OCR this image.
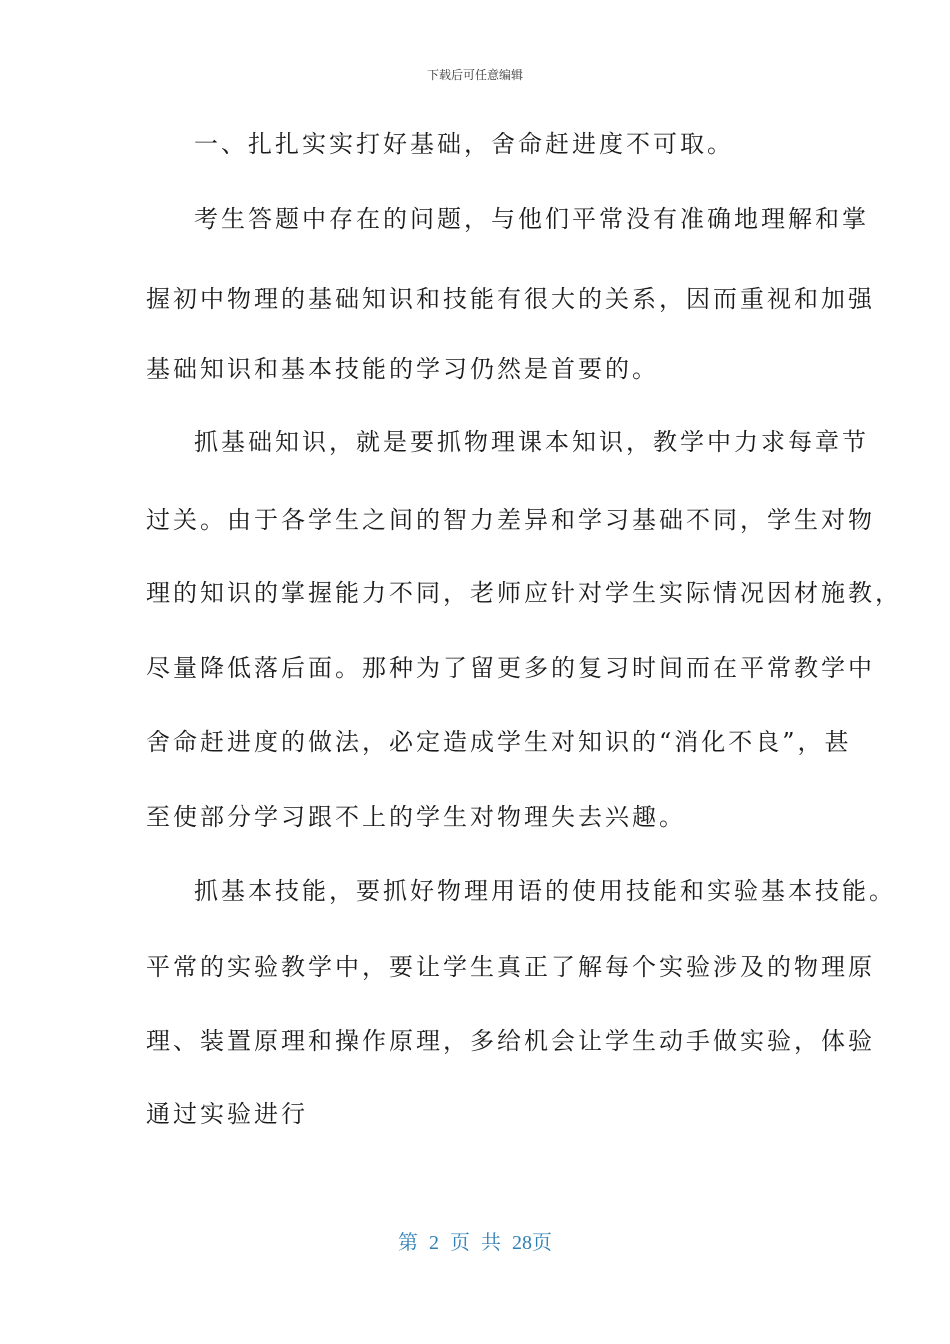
下载后可任意编辑
一、扎扎实实打好基础，舍命赶进度不可取。
考生答题中存在的问题，与他们平常没有准确地理解和掌
握初中物理的基础知识和技能有很大的关系，因而重视和加强
基础知识和基本技能的学习仍然是首要的。
抓基础知识，就是要抓物理课本知识，教学中力求每章节
过关。由于各学生之间的智力差异和学习基础不同，学生对物
理的知识的掌握能力不同，老师应针对学生实际情况因材施教，
尽量降低落后面。那种为了留更多的复习时间而在平常教学中
舍命赶进度的做法，必定造成学生对知识的“消化不良”，甚
至使部分学习跟不上的学生对物理失去兴趣。
抓基本技能，要抓好物理用语的使用技能和实验基本技能。
平常的实验教学中，要让学生真正了解每个实验涉及的物理原
理、装置原理和操作原理，多给机会让学生动手做实验，体验
通过实验进行
第 2 页 共 28页
